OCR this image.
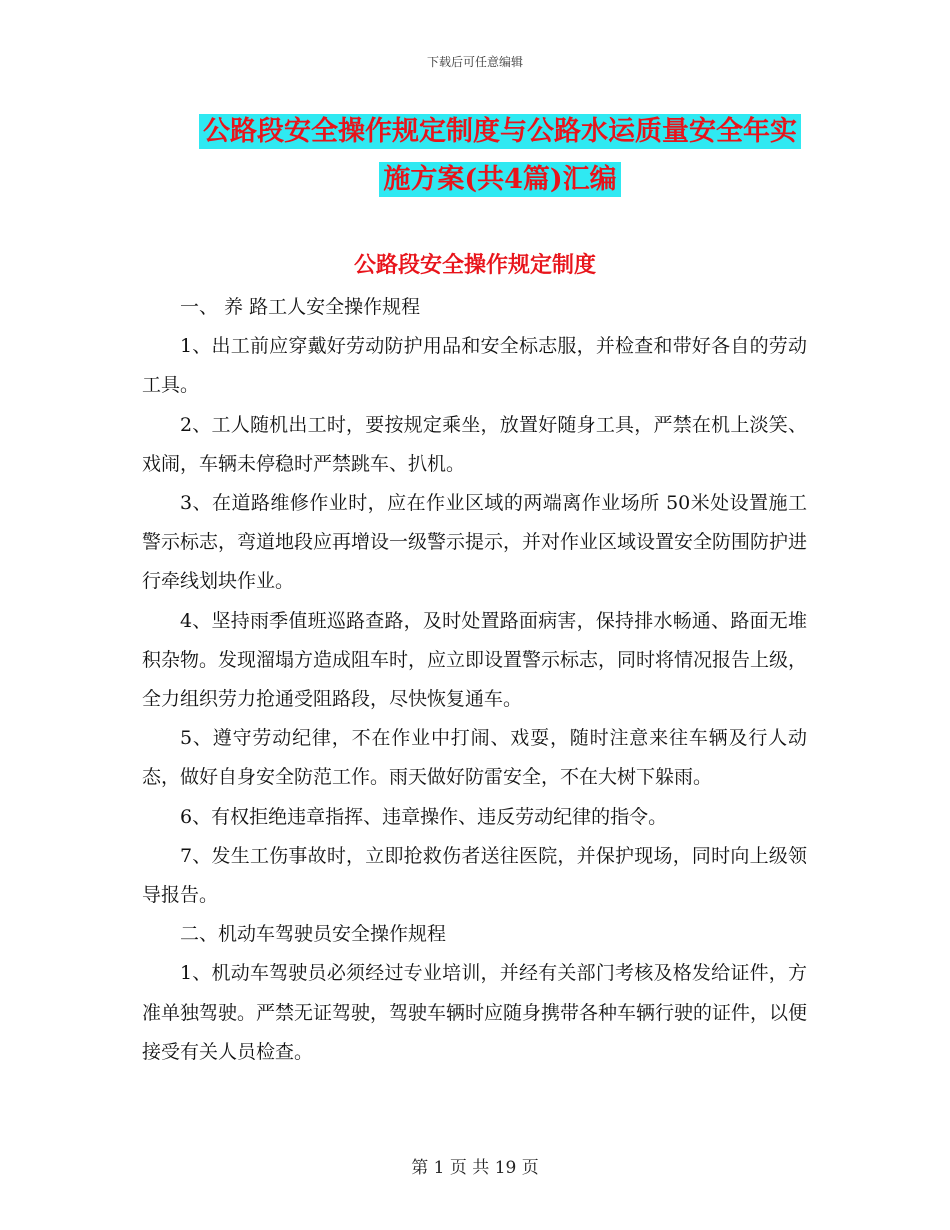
下载后可任意编辑
公路段安全操作规定制度与公路水运质量安全年实施方案(共4篇)汇编
公路段安全操作规定制度

一、 养 路工人安全操作规程

1、出工前应穿戴好劳动防护用品和安全标志服，并检查和带好各自的劳动工具。

2、工人随机出工时，要按规定乘坐，放置好随身工具，严禁在机上淡笑、戏闹，车辆未停稳时严禁跳车、扒机。

3、在道路维修作业时，应在作业区域的两端离作业场所 50米处设置施工警示标志，弯道地段应再增设一级警示提示，并对作业区域设置安全防围防护进行牵线划块作业。

4、坚持雨季值班巡路查路，及时处置路面病害，保持排水畅通、路面无堆积杂物。发现溜塌方造成阻车时，应立即设置警示标志，同时将情况报告上级，全力组织劳力抢通受阻路段，尽快恢复通车。

5、遵守劳动纪律，不在作业中打闹、戏耍，随时注意来往车辆及行人动态，做好自身安全防范工作。雨天做好防雷安全，不在大树下躲雨。

6、有权拒绝违章指挥、违章操作、违反劳动纪律的指令。

7、发生工伤事故时，立即抢救伤者送往医院，并保护现场，同时向上级领导报告。

二、机动车驾驶员安全操作规程

1、机动车驾驶员必须经过专业培训，并经有关部门考核及格发给证件，方准单独驾驶。严禁无证驾驶，驾驶车辆时应随身携带各种车辆行驶的证件，以便接受有关人员检查。

第 1 页 共 19 页
